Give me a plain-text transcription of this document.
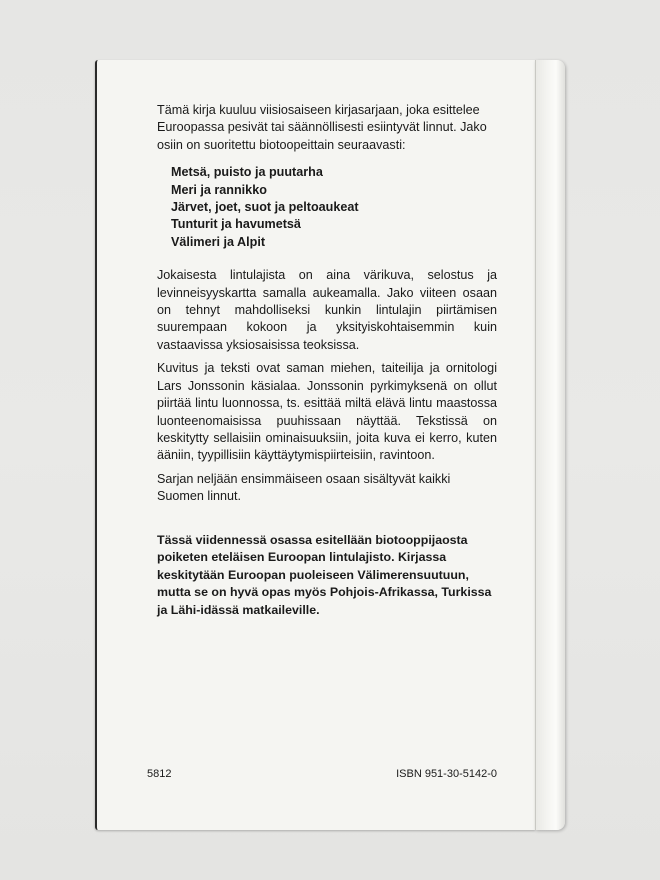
Tämä kirja kuuluu viisiosaiseen kirjasarjaan, joka esittelee Euroopassa pesivät tai säännöllisesti esiintyvät linnut. Jako osiin on suoritettu biotoopeittain seuraavasti:

Metsä, puisto ja puutarha
Meri ja rannikko
Järvet, joet, suot ja peltoaukeat
Tunturit ja havumetsä
Välimeri ja Alpit

Jokaisesta lintulajista on aina värikuva, selostus ja levinneisyyskartta samalla aukeamalla. Jako viiteen osaan on tehnyt mahdolliseksi kunkin lintulajin piirtämisen suurempaan kokoon ja yksityiskohtaisemmin kuin vastaavissa yksiosaisissa teoksissa.

Kuvitus ja teksti ovat saman miehen, taiteilija ja ornitologi Lars Jonssonin käsialaa. Jonssonin pyrkimyksenä on ollut piirtää lintu luonnossa, ts. esittää miltä elävä lintu maastossa luonteenomaisissa puuhissaan näyttää. Tekstissä on keskitytty sellaisiin ominaisuuksiin, joita kuva ei kerro, kuten ääniin, tyypillisiin käyttäytymispiirteisiin, ravintoon.

Sarjan neljään ensimmäiseen osaan sisältyvät kaikki Suomen linnut.

Tässä viidennessä osassa esitellään biotooppijaosta poiketen eteläisen Euroopan lintulajisto. Kirjassa keskitytään Euroopan puoleiseen Välimerensuutuun, mutta se on hyvä opas myös Pohjois-Afrikassa, Turkissa ja Lähi-idässä matkaileville.

5812	ISBN 951-30-5142-0
